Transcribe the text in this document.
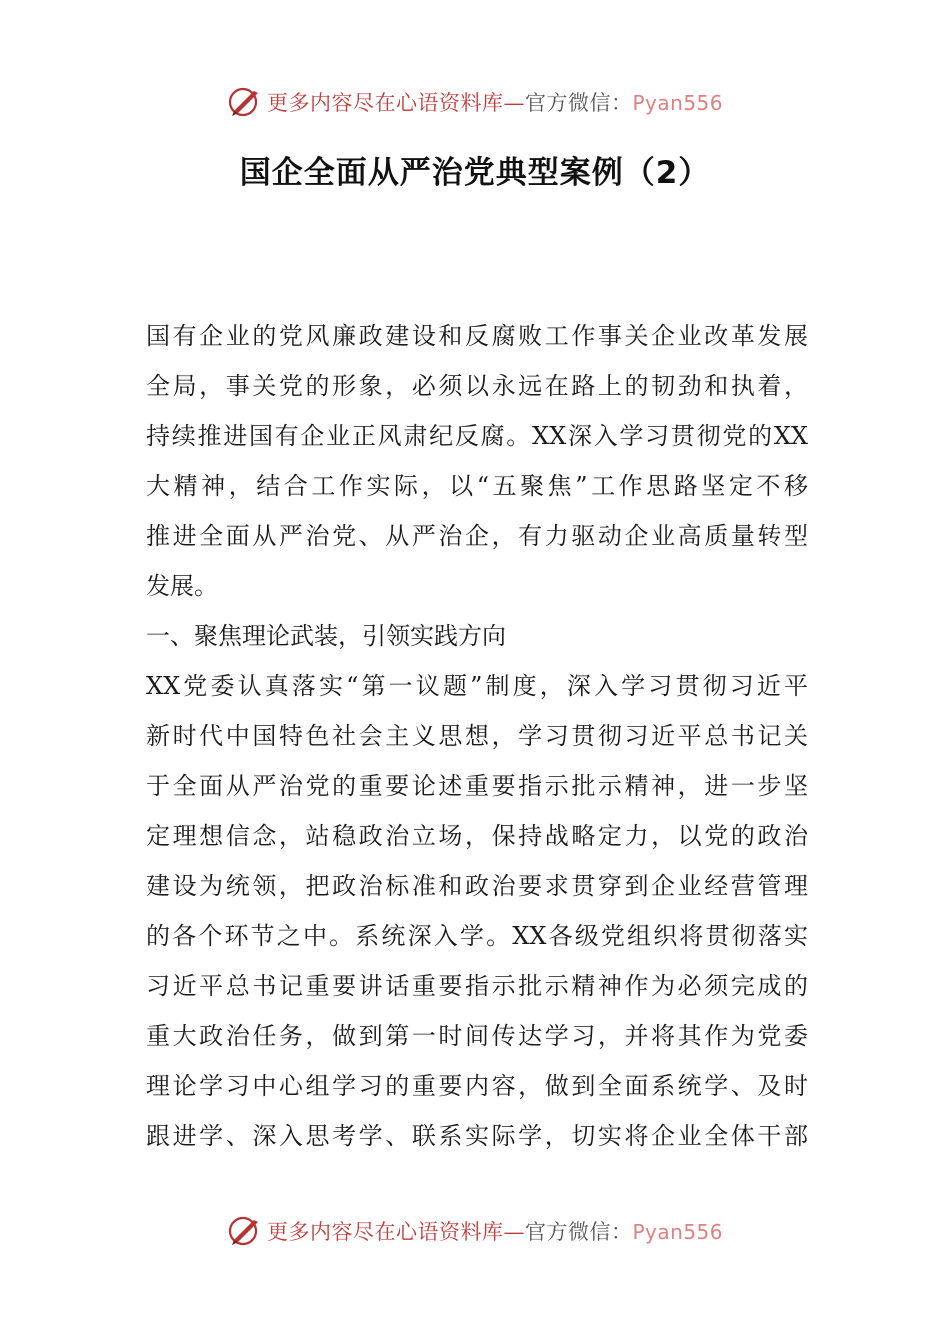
更多内容尽在心语资料库—官方微信：Pyan556
国企全面从严治党典型案例（2）
国有企业的党风廉政建设和反腐败工作事关企业改革发展
全局，事关党的形象，必须以永远在路上的韧劲和执着，
持续推进国有企业正风肃纪反腐。XX深入学习贯彻党的XX
大精神，结合工作实际，以“五聚焦”工作思路坚定不移
推进全面从严治党、从严治企，有力驱动企业高质量转型
发展。
一、聚焦理论武装，引领实践方向
XX党委认真落实“第一议题”制度，深入学习贯彻习近平
新时代中国特色社会主义思想，学习贯彻习近平总书记关
于全面从严治党的重要论述重要指示批示精神，进一步坚
定理想信念，站稳政治立场，保持战略定力，以党的政治
建设为统领，把政治标准和政治要求贯穿到企业经营管理
的各个环节之中。系统深入学。XX各级党组织将贯彻落实
习近平总书记重要讲话重要指示批示精神作为必须完成的
重大政治任务，做到第一时间传达学习，并将其作为党委
理论学习中心组学习的重要内容，做到全面系统学、及时
跟进学、深入思考学、联系实际学，切实将企业全体干部
更多内容尽在心语资料库—官方微信：Pyan556
